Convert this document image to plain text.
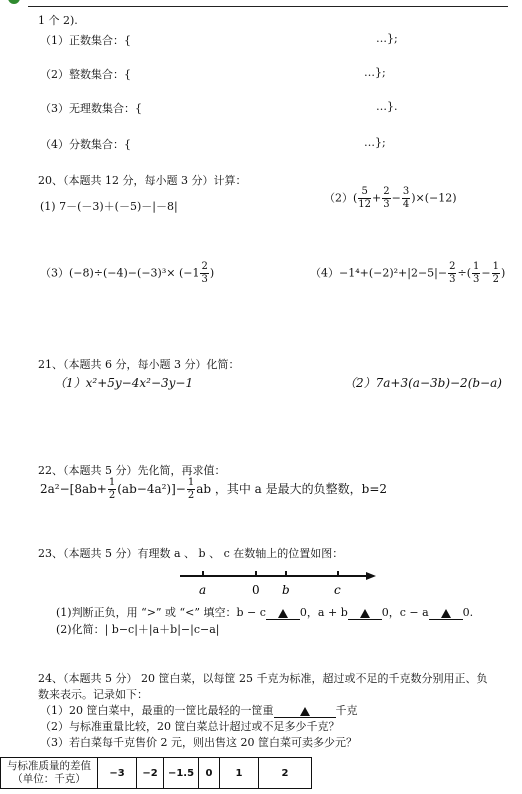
1 个 2).
（1）正数集合：{	…};
（2）整数集合：{	…};
（3）无理数集合：{	…}.
（4）分数集合：{	…};
20、（本题共 12 分，每小题 3 分）计算：
(1) 7－(－3)＋(－5)－|－8|
$(2)( \frac{5}{12} + \frac{2}{3} - \frac{3}{4} )\times(-12)$
$(3)(-8)\div(-4)-(-3)^3\times (-1 \frac{2}{3}$ )	$(4)-1^4+(-2)^2+|2-5|- \frac{2}{3}$ ÷( $\frac{1}{3} - \frac{1}{2}$ )
21、（本题共 6 分，每小题 3 分）化简：
（1）x²+5y−4x²−3y−1	（2）7a+3(a−3b)−2(b−a)
22、（本题共 5 分）先化简，再求值：
$2a^2-[8ab+ \frac{1}{2} (ab-4a^2)]- \frac{1}{2}$ ab ，其中 a 是最大的负整数，b=2
23、（本题共 5 分）有理数 a 、 b 、 c 在数轴上的位置如图：
a	0 b	c
(1)判断正负，用 “>” 或 “<” 填空：b − c	0，a + b	0，c − a	0.
(2)化简：| b−c|＋|a＋b|−|c−a|
24、（本题共 5 分） 20 筐白菜，以每筐 25 千克为标准，超过或不足的千克数分别用正、负
数来表示。记录如下：
（1）20 筐白菜中，最重的一筐比最轻的一筐重	千克
（2）与标准重量比较，20 筐白菜总计超过或不足多少千克？
（3）若白菜每千克售价 2 元，则出售这 20 筐白菜可卖多少元？
与标准质量的差值
（单位：千克）	−3	−2	−1.5	0	1	2
